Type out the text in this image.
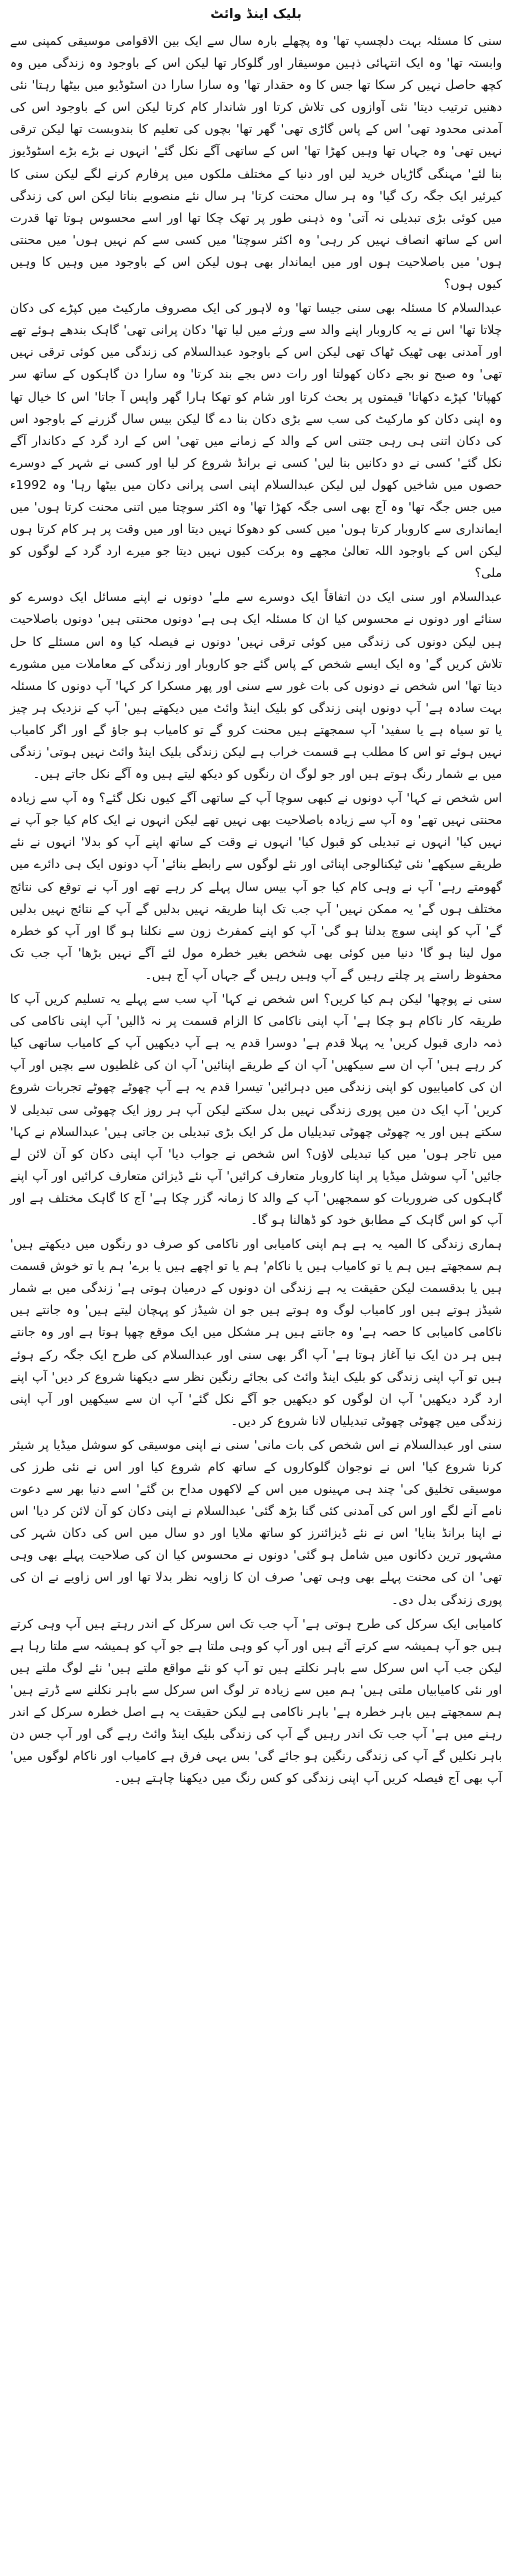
بلیک اینڈ وائٹ

سنی کا مسئلہ بہت دلچسپ تھا' وہ پچھلے بارہ سال سے ایک بین الاقوامی موسیقی کمپنی سے وابستہ تھا' وہ ایک انتہائی ذہین موسیقار اور گلوکار تھا لیکن اس کے باوجود وہ زندگی میں وہ کچھ حاصل نہیں کر سکا تھا جس کا وہ حقدار تھا' وہ سارا سارا دن اسٹوڈیو میں بیٹھا رہتا' نئی دھنیں ترتیب دیتا' نئی آوازوں کی تلاش کرتا اور شاندار کام کرتا لیکن اس کے باوجود اس کی آمدنی محدود تھی' اس کے پاس گاڑی تھی' گھر تھا' بچوں کی تعلیم کا بندوبست تھا لیکن ترقی نہیں تھی' وہ جہاں تھا وہیں کھڑا تھا' اس کے ساتھی آگے نکل گئے' انہوں نے بڑے بڑے اسٹوڈیوز بنا لئے' مہنگی گاڑیاں خرید لیں اور دنیا کے مختلف ملکوں میں پرفارم کرنے لگے لیکن سنی کا کیرئیر ایک جگہ رک گیا' وہ ہر سال محنت کرتا' ہر سال نئے منصوبے بناتا لیکن اس کی زندگی میں کوئی بڑی تبدیلی نہ آتی' وہ ذہنی طور پر تھک چکا تھا اور اسے محسوس ہوتا تھا قدرت اس کے ساتھ انصاف نہیں کر رہی' وہ اکثر سوچتا' میں کسی سے کم نہیں ہوں' میں محنتی ہوں' میں باصلاحیت ہوں اور میں ایماندار بھی ہوں لیکن اس کے باوجود میں وہیں کا وہیں کیوں ہوں؟

عبدالسلام کا مسئلہ بھی سنی جیسا تھا' وہ لاہور کی ایک مصروف مارکیٹ میں کپڑے کی دکان چلاتا تھا' اس نے یہ کاروبار اپنے والد سے ورثے میں لیا تھا' دکان پرانی تھی' گاہک بندھے ہوئے تھے اور آمدنی بھی ٹھیک ٹھاک تھی لیکن اس کے باوجود عبدالسلام کی زندگی میں کوئی ترقی نہیں تھی' وہ صبح نو بجے دکان کھولتا اور رات دس بجے بند کرتا' وہ سارا دن گاہکوں کے ساتھ سر کھپاتا' کپڑے دکھاتا' قیمتوں پر بحث کرتا اور شام کو تھکا ہارا گھر واپس آ جاتا' اس کا خیال تھا وہ اپنی دکان کو مارکیٹ کی سب سے بڑی دکان بنا دے گا لیکن بیس سال گزرنے کے باوجود اس کی دکان اتنی ہی رہی جتنی اس کے والد کے زمانے میں تھی' اس کے ارد گرد کے دکاندار آگے نکل گئے' کسی نے دو دکانیں بنا لیں' کسی نے برانڈ شروع کر لیا اور کسی نے شہر کے دوسرے حصوں میں شاخیں کھول لیں لیکن عبدالسلام اپنی اسی پرانی دکان میں بیٹھا رہا' وہ 1992ء میں جس جگہ تھا' وہ آج بھی اسی جگہ کھڑا تھا' وہ اکثر سوچتا میں اتنی محنت کرتا ہوں' میں ایمانداری سے کاروبار کرتا ہوں' میں کسی کو دھوکا نہیں دیتا اور میں وقت پر ہر کام کرتا ہوں لیکن اس کے باوجود اللہ تعالیٰ مجھے وہ برکت کیوں نہیں دیتا جو میرے ارد گرد کے لوگوں کو ملی؟

عبدالسلام اور سنی ایک دن اتفاقاً ایک دوسرے سے ملے' دونوں نے اپنے مسائل ایک دوسرے کو سنائے اور دونوں نے محسوس کیا ان کا مسئلہ ایک ہی ہے' دونوں محنتی ہیں' دونوں باصلاحیت ہیں لیکن دونوں کی زندگی میں کوئی ترقی نہیں' دونوں نے فیصلہ کیا وہ اس مسئلے کا حل تلاش کریں گے' وہ ایک ایسے شخص کے پاس گئے جو کاروبار اور زندگی کے معاملات میں مشورے دیتا تھا' اس شخص نے دونوں کی بات غور سے سنی اور پھر مسکرا کر کہا' آپ دونوں کا مسئلہ بہت سادہ ہے' آپ دونوں اپنی زندگی کو بلیک اینڈ وائٹ میں دیکھتے ہیں' آپ کے نزدیک ہر چیز یا تو سیاہ ہے یا سفید' آپ سمجھتے ہیں محنت کرو گے تو کامیاب ہو جاؤ گے اور اگر کامیاب نہیں ہوئے تو اس کا مطلب ہے قسمت خراب ہے لیکن زندگی بلیک اینڈ وائٹ نہیں ہوتی' زندگی میں بے شمار رنگ ہوتے ہیں اور جو لوگ ان رنگوں کو دیکھ لیتے ہیں وہ آگے نکل جاتے ہیں۔

اس شخص نے کہا' آپ دونوں نے کبھی سوچا آپ کے ساتھی آگے کیوں نکل گئے؟ وہ آپ سے زیادہ محنتی نہیں تھے' وہ آپ سے زیادہ باصلاحیت بھی نہیں تھے لیکن انہوں نے ایک کام کیا جو آپ نے نہیں کیا' انہوں نے تبدیلی کو قبول کیا' انہوں نے وقت کے ساتھ اپنے آپ کو بدلا' انہوں نے نئے طریقے سیکھے' نئی ٹیکنالوجی اپنائی اور نئے لوگوں سے رابطے بنائے' آپ دونوں ایک ہی دائرے میں گھومتے رہے' آپ نے وہی کام کیا جو آپ بیس سال پہلے کر رہے تھے اور آپ نے توقع کی نتائج مختلف ہوں گے' یہ ممکن نہیں' آپ جب تک اپنا طریقہ نہیں بدلیں گے آپ کے نتائج نہیں بدلیں گے' آپ کو اپنی سوچ بدلنا ہو گی' آپ کو اپنے کمفرٹ زون سے نکلنا ہو گا اور آپ کو خطرہ مول لینا ہو گا' دنیا میں کوئی بھی شخص بغیر خطرہ مول لئے آگے نہیں بڑھا' آپ جب تک محفوظ راستے پر چلتے رہیں گے آپ وہیں رہیں گے جہاں آپ آج ہیں۔

سنی نے پوچھا' لیکن ہم کیا کریں؟ اس شخص نے کہا' آپ سب سے پہلے یہ تسلیم کریں آپ کا طریقہ کار ناکام ہو چکا ہے' آپ اپنی ناکامی کا الزام قسمت پر نہ ڈالیں' آپ اپنی ناکامی کی ذمہ داری قبول کریں' یہ پہلا قدم ہے' دوسرا قدم یہ ہے آپ دیکھیں آپ کے کامیاب ساتھی کیا کر رہے ہیں' آپ ان سے سیکھیں' آپ ان کے طریقے اپنائیں' آپ ان کی غلطیوں سے بچیں اور آپ ان کی کامیابیوں کو اپنی زندگی میں دہرائیں' تیسرا قدم یہ ہے آپ چھوٹے چھوٹے تجربات شروع کریں' آپ ایک دن میں پوری زندگی نہیں بدل سکتے لیکن آپ ہر روز ایک چھوٹی سی تبدیلی لا سکتے ہیں اور یہ چھوٹی چھوٹی تبدیلیاں مل کر ایک بڑی تبدیلی بن جاتی ہیں' عبدالسلام نے کہا' میں تاجر ہوں' میں کیا تبدیلی لاؤں؟ اس شخص نے جواب دیا' آپ اپنی دکان کو آن لائن لے جائیں' آپ سوشل میڈیا پر اپنا کاروبار متعارف کرائیں' آپ نئے ڈیزائن متعارف کرائیں اور آپ اپنے گاہکوں کی ضروریات کو سمجھیں' آپ کے والد کا زمانہ گزر چکا ہے' آج کا گاہک مختلف ہے اور آپ کو اس گاہک کے مطابق خود کو ڈھالنا ہو گا۔

ہماری زندگی کا المیہ یہ ہے ہم اپنی کامیابی اور ناکامی کو صرف دو رنگوں میں دیکھتے ہیں' ہم سمجھتے ہیں ہم یا تو کامیاب ہیں یا ناکام' ہم یا تو اچھے ہیں یا برے' ہم یا تو خوش قسمت ہیں یا بدقسمت لیکن حقیقت یہ ہے زندگی ان دونوں کے درمیان ہوتی ہے' زندگی میں بے شمار شیڈز ہوتے ہیں اور کامیاب لوگ وہ ہوتے ہیں جو ان شیڈز کو پہچان لیتے ہیں' وہ جانتے ہیں ناکامی کامیابی کا حصہ ہے' وہ جانتے ہیں ہر مشکل میں ایک موقع چھپا ہوتا ہے اور وہ جانتے ہیں ہر دن ایک نیا آغاز ہوتا ہے' آپ اگر بھی سنی اور عبدالسلام کی طرح ایک جگہ رکے ہوئے ہیں تو آپ اپنی زندگی کو بلیک اینڈ وائٹ کی بجائے رنگین نظر سے دیکھنا شروع کر دیں' آپ اپنے ارد گرد دیکھیں' آپ ان لوگوں کو دیکھیں جو آگے نکل گئے' آپ ان سے سیکھیں اور آپ اپنی زندگی میں چھوٹی چھوٹی تبدیلیاں لانا شروع کر دیں۔

سنی اور عبدالسلام نے اس شخص کی بات مانی' سنی نے اپنی موسیقی کو سوشل میڈیا پر شیئر کرنا شروع کیا' اس نے نوجوان گلوکاروں کے ساتھ کام شروع کیا اور اس نے نئی طرز کی موسیقی تخلیق کی' چند ہی مہینوں میں اس کے لاکھوں مداح بن گئے' اسے دنیا بھر سے دعوت نامے آنے لگے اور اس کی آمدنی کئی گنا بڑھ گئی' عبدالسلام نے اپنی دکان کو آن لائن کر دیا' اس نے اپنا برانڈ بنایا' اس نے نئے ڈیزائنرز کو ساتھ ملایا اور دو سال میں اس کی دکان شہر کی مشہور ترین دکانوں میں شامل ہو گئی' دونوں نے محسوس کیا ان کی صلاحیت پہلے بھی وہی تھی' ان کی محنت پہلے بھی وہی تھی' صرف ان کا زاویہ نظر بدلا تھا اور اس زاویے نے ان کی پوری زندگی بدل دی۔

کامیابی ایک سرکل کی طرح ہوتی ہے' آپ جب تک اس سرکل کے اندر رہتے ہیں آپ وہی کرتے ہیں جو آپ ہمیشہ سے کرتے آئے ہیں اور آپ کو وہی ملتا ہے جو آپ کو ہمیشہ سے ملتا رہا ہے لیکن جب آپ اس سرکل سے باہر نکلتے ہیں تو آپ کو نئے مواقع ملتے ہیں' نئے لوگ ملتے ہیں اور نئی کامیابیاں ملتی ہیں' ہم میں سے زیادہ تر لوگ اس سرکل سے باہر نکلنے سے ڈرتے ہیں' ہم سمجھتے ہیں باہر خطرہ ہے' باہر ناکامی ہے لیکن حقیقت یہ ہے اصل خطرہ سرکل کے اندر رہنے میں ہے' آپ جب تک اندر رہیں گے آپ کی زندگی بلیک اینڈ وائٹ رہے گی اور آپ جس دن باہر نکلیں گے آپ کی زندگی رنگین ہو جائے گی' بس یہی فرق ہے کامیاب اور ناکام لوگوں میں' آپ بھی آج فیصلہ کریں آپ اپنی زندگی کو کس رنگ میں دیکھنا چاہتے ہیں۔
